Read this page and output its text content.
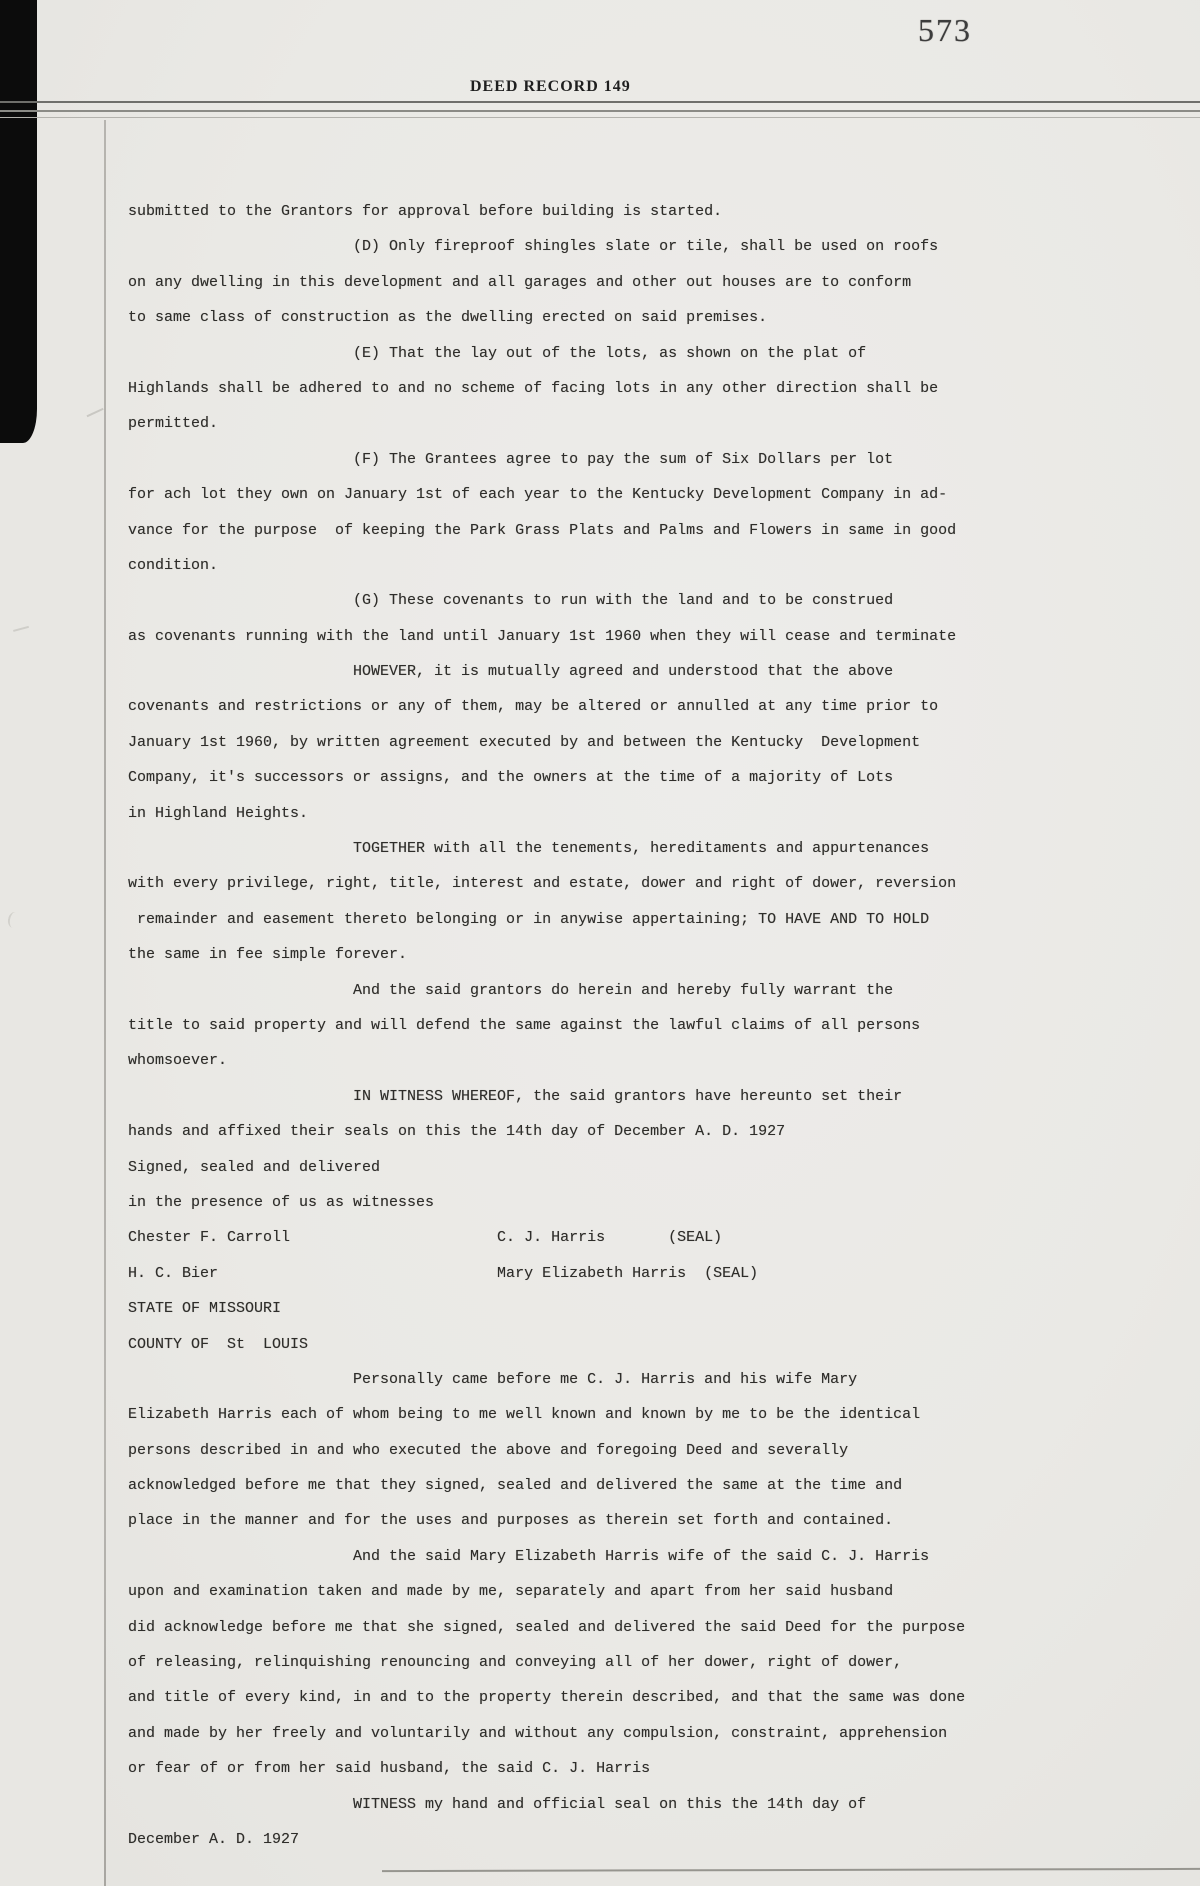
573
DEED RECORD 149
submitted to the Grantors for approval before building is started.
(D) Only fireproof shingles slate or tile, shall be used on roofs
on any dwelling in this development and all garages and other out houses are to conform
to same class of construction as the dwelling erected on said premises.
(E) That the lay out of the lots, as shown on the plat of
Highlands shall be adhered to and no scheme of facing lots in any other direction shall be
permitted.
(F) The Grantees agree to pay the sum of Six Dollars per lot
for ach lot they own on January 1st of each year to the Kentucky Development Company in ad-
vance for the purpose  of keeping the Park Grass Plats and Palms and Flowers in same in good
condition.
(G) These covenants to run with the land and to be construed
as covenants running with the land until January 1st 1960 when they will cease and terminate
HOWEVER, it is mutually agreed and understood that the above
covenants and restrictions or any of them, may be altered or annulled at any time prior to
January 1st 1960, by written agreement executed by and between the Kentucky  Development
Company, it's successors or assigns, and the owners at the time of a majority of Lots
in Highland Heights.
TOGETHER with all the tenements, hereditaments and appurtenances
with every privilege, right, title, interest and estate, dower and right of dower, reversion
remainder and easement thereto belonging or in anywise appertaining; TO HAVE AND TO HOLD
the same in fee simple forever.
And the said grantors do herein and hereby fully warrant the
title to said property and will defend the same against the lawful claims of all persons
whomsoever.
IN WITNESS WHEREOF, the said grantors have hereunto set their
hands and affixed their seals on this the 14th day of December A. D. 1927
Signed, sealed and delivered
in the presence of us as witnesses
Chester F. Carroll                       C. J. Harris       (SEAL)
H. C. Bier                               Mary Elizabeth Harris  (SEAL)
STATE OF MISSOURI
COUNTY OF  St  LOUIS
Personally came before me C. J. Harris and his wife Mary
Elizabeth Harris each of whom being to me well known and known by me to be the identical
persons described in and who executed the above and foregoing Deed and severally
acknowledged before me that they signed, sealed and delivered the same at the time and
place in the manner and for the uses and purposes as therein set forth and contained.
And the said Mary Elizabeth Harris wife of the said C. J. Harris
upon and examination taken and made by me, separately and apart from her said husband
did acknowledge before me that she signed, sealed and delivered the said Deed for the purpose
of releasing, relinquishing renouncing and conveying all of her dower, right of dower,
and title of every kind, in and to the property therein described, and that the same was done
and made by her freely and voluntarily and without any compulsion, constraint, apprehension
or fear of or from her said husband, the said C. J. Harris
WITNESS my hand and official seal on this the 14th day of
December A. D. 1927
